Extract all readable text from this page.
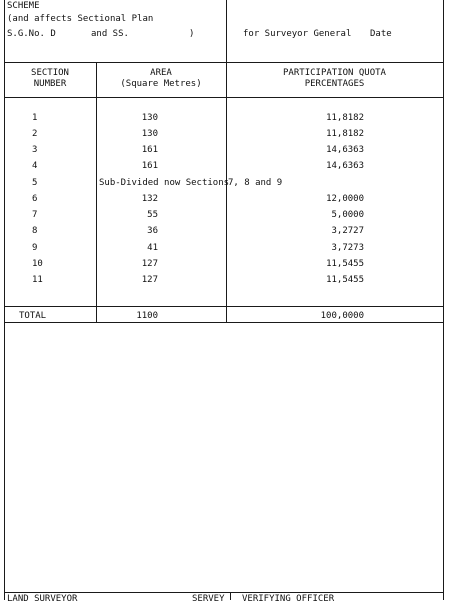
SCHEME
(and affects Sectional Plan
S.G.No. D	and SS.	)	for Surveyor General Date
SECTION
NUMBER
AREA
(Square Metres)
PARTICIPATION QUOTA
PERCENTAGES
1	130	11,8182
2	130	11,8182
3	161	14,6363
4	161	14,6363
5	Sub-Divided now Sections
7, 8 and 9
6	132	12,0000
7	55	5,0000
8	36	3,2727
9	41	3,7273
10	127	11,5455
11	127	11,5455
TOTAL	1100	100,0000
LAND SURVEYOR	SERVEY VERIFYING OFFICER
